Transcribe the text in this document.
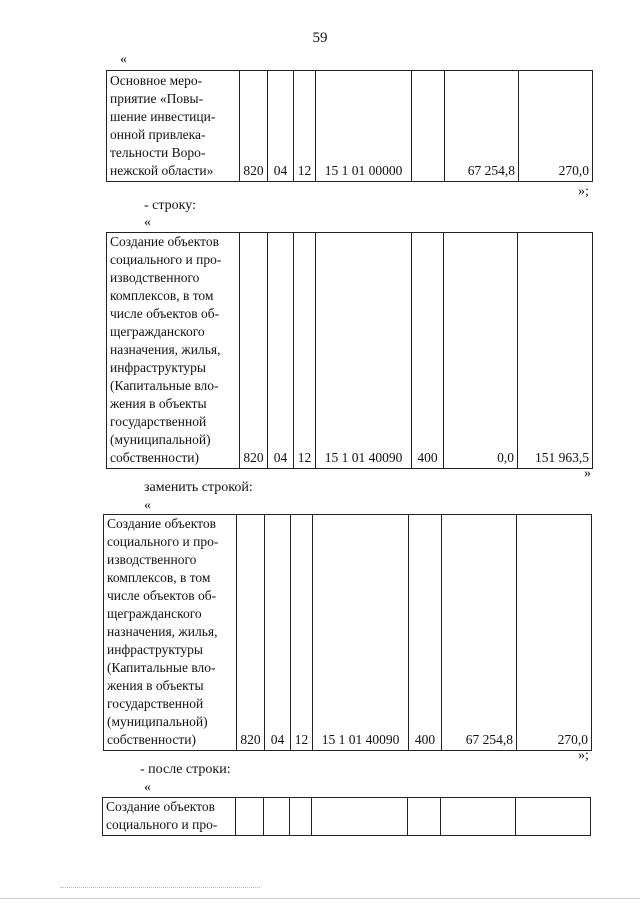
59
«
Основное меро-приятие «Повы-шение инвестици-онной привлека-тельности Воро-нежской области»	820	04	12	15 1 01 00000		67 254,8	270,0
»;
- строку:
«
Создание объектов социального и про-изводственного комплексов, в том числе объектов об-щегражданского назначения, жилья, инфраструктуры (Капитальные вло-жения в объекты государственной (муниципальной) собственности)	820	04	12	15 1 01 40090	400	0,0	151 963,5
»
заменить строкой:
«
Создание объектов социального и про-изводственного комплексов, в том числе объектов об-щегражданского назначения, жилья, инфраструктуры (Капитальные вло-жения в объекты государственной (муниципальной) собственности)	820	04	12	15 1 01 40090	400	67 254,8	270,0
»;
- после строки:
«
Создание объектов социального и про-							
